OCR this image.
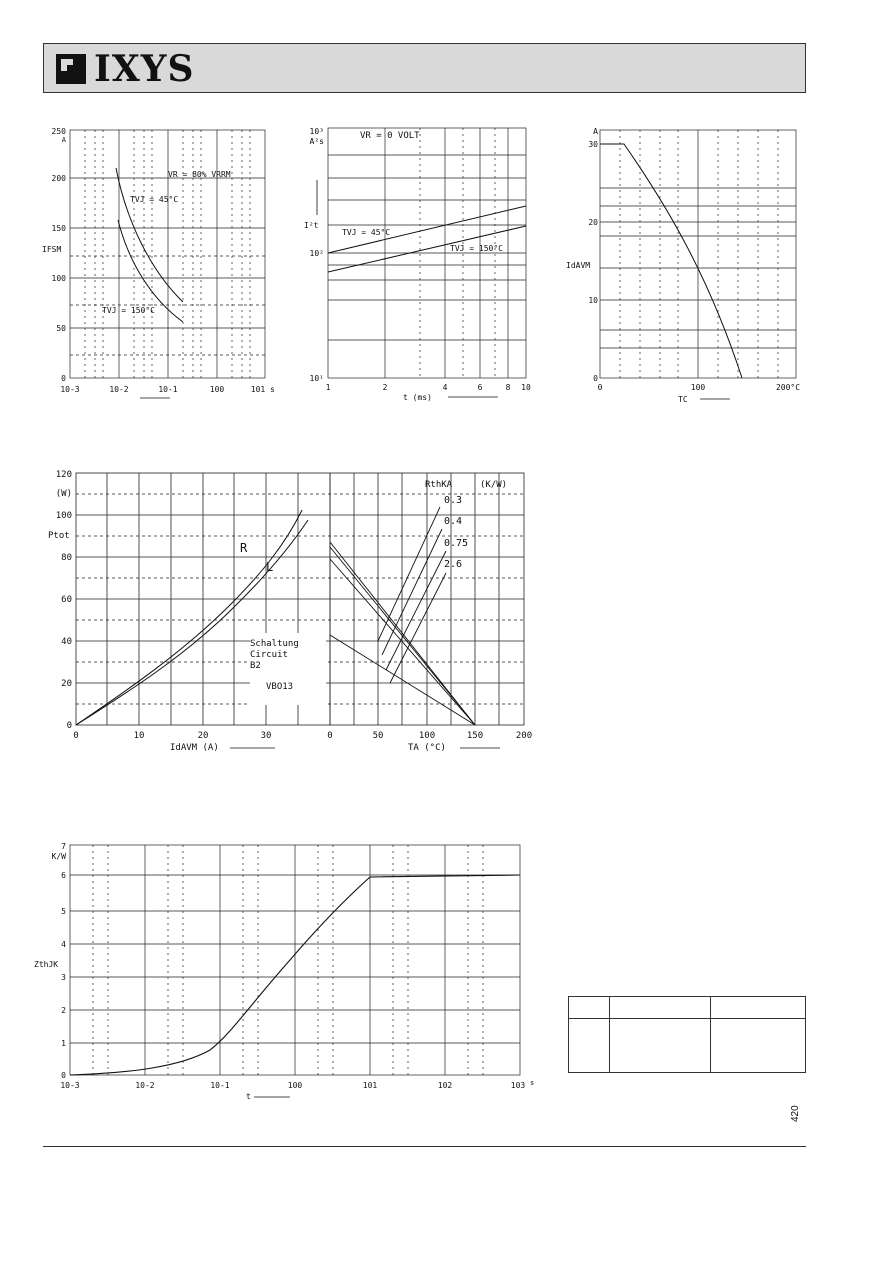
IXYS
250
A
200
150
100
50
0
IFSM
10-3	10-2	10-1	100	101 s
VR = 80% VRRM
TVJ = 45°C
TVJ = 150°C
10³
A²s
10²
10¹
I²t
1	2	4	6	8 10
t (ms)
VR = 0 VOLT
TVJ = 45°C
TVJ = 150°C
A
30
20
10
0
IdAVM
0	100	200°C
TC
120
(W)
100
80
60
40
20
0
Ptot
0	10	20	30
IdAVM (A)
0	50	100	150	200
TA (°C)
R
L
RthKA	(K/W)
0.3
0.4
0.75
2.6
Schaltung
Circuit
B2
VBO13
7
K/W
6
5
4
3
2
1
0
ZthJK
10-3	10-2	10-1	100	101	102	103 s
t

420
